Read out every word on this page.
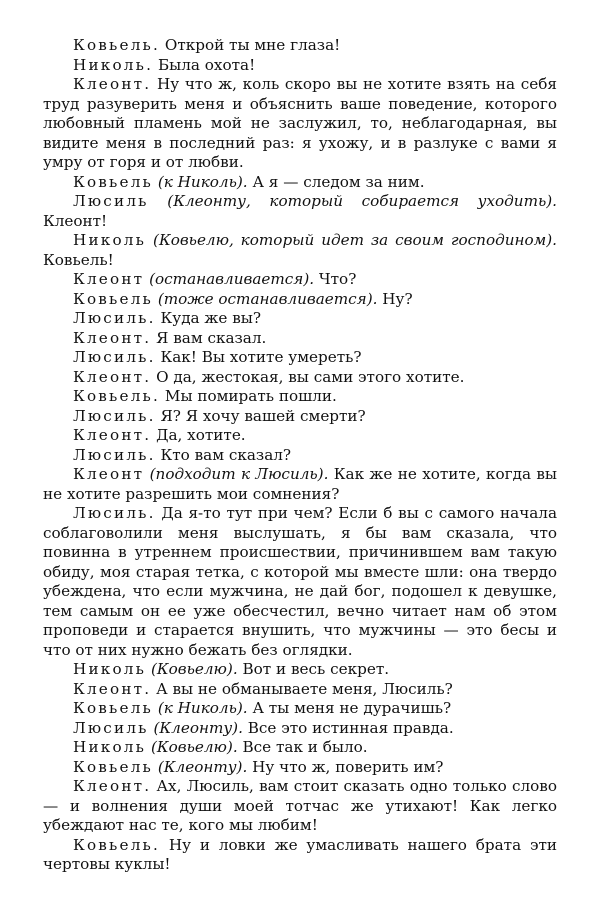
Ковьель. Открой ты мне глаза!

Николь. Была охота!

Клеонт. Ну что ж, коль скоро вы не хотите взять на себя труд разуверить меня и объяснить ваше поведение, которого любовный пламень мой не заслужил, то, неблагодарная, вы видите меня в последний раз: я ухожу, и в разлуке с вами я умру от горя и от любви.

Ковьель (к Николь). А я — следом за ним.

Люсиль (Клеонту, который собирается уходить). Клеонт!

Николь (Ковьелю, который идет за своим господином). Ковьель!

Клеонт (останавливается). Что?

Ковьель (тоже останавливается). Ну?

Люсиль. Куда же вы?

Клеонт. Я вам сказал.

Люсиль. Как! Вы хотите умереть?

Клеонт. О да, жестокая, вы сами этого хотите.

Ковьель. Мы помирать пошли.

Люсиль. Я? Я хочу вашей смерти?

Клеонт. Да, хотите.

Люсиль. Кто вам сказал?

Клеонт (подходит к Люсиль). Как же не хотите, когда вы не хотите разрешить мои сомнения?

Люсиль. Да я-то тут при чем? Если б вы с самого начала соблаговолили меня выслушать, я бы вам сказала, что повинна в утреннем происшествии, причинившем вам такую обиду, моя старая тетка, с которой мы вместе шли: она твердо убеждена, что если мужчина, не дай бог, подошел к девушке, тем самым он ее уже обесчестил, вечно читает нам об этом проповеди и старается внушить, что мужчины — это бесы и что от них нужно бежать без оглядки.

Николь (Ковьелю). Вот и весь секрет.

Клеонт. А вы не обманываете меня, Люсиль?

Ковьель (к Николь). А ты меня не дурачишь?

Люсиль (Клеонту). Все это истинная правда.

Николь (Ковьелю). Все так и было.

Ковьель (Клеонту). Ну что ж, поверить им?

Клеонт. Ах, Люсиль, вам стоит сказать одно только слово — и волнения души моей тотчас же утихают! Как легко убеждают нас те, кого мы любим!

Ковьель. Ну и ловки же умасливать нашего брата эти чертовы куклы!
